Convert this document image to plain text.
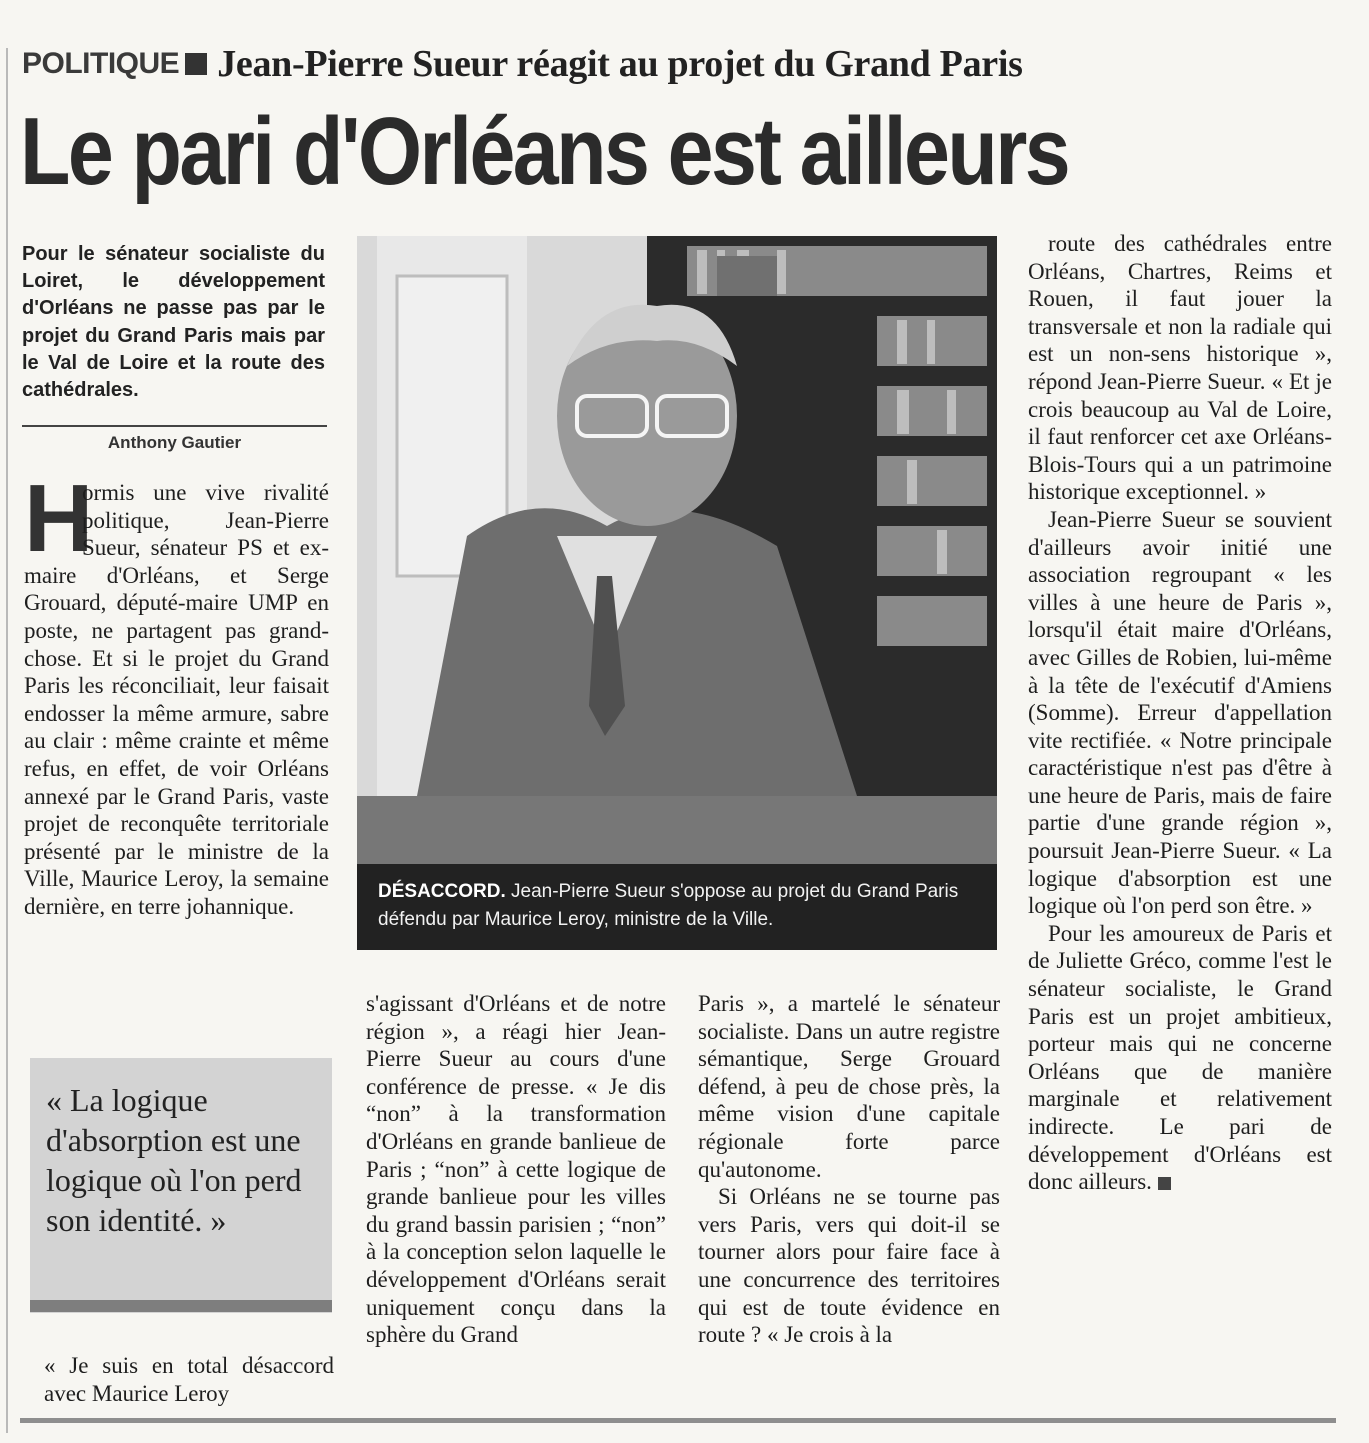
POLITIQUE Jean-Pierre Sueur réagit au projet du Grand Paris
Le pari d'Orléans est ailleurs

Pour le sénateur socialiste du Loiret, le développement d'Orléans ne passe pas par le projet du Grand Paris mais par le Val de Loire et la route des cathédrales.

Anthony Gautier
H

ormis une vive rivalité politique, Jean-Pierre Sueur, sénateur PS et ex-maire d'Orléans, et Serge Grouard, député-maire UMP en poste, ne partagent pas grand-chose. Et si le projet du Grand Paris les réconciliait, leur faisait endosser la même armure, sabre au clair : même crainte et même refus, en effet, de voir Orléans annexé par le Grand Paris, vaste projet de reconquête territoriale présenté par le ministre de la Ville, Maurice Leroy, la semaine dernière, en terre johannique.

« La logique d'absorption est une logique où l'on perd son identité. »

« Je suis en total désaccord avec Maurice Leroy

DÉSACCORD. Jean-Pierre Sueur s'oppose au projet du Grand Paris défendu par Maurice Leroy, ministre de la Ville.

s'agissant d'Orléans et de notre région », a réagi hier Jean-Pierre Sueur au cours d'une conférence de presse. « Je dis “non” à la transformation d'Orléans en grande banlieue de Paris ; “non” à cette logique de grande banlieue pour les villes du grand bassin parisien ; “non” à la conception selon laquelle le développement d'Orléans serait uniquement conçu dans la sphère du Grand

Paris », a martelé le sénateur socialiste. Dans un autre registre sémantique, Serge Grouard défend, à peu de chose près, la même vision d'une capitale régionale forte parce qu'autonome.

Si Orléans ne se tourne pas vers Paris, vers qui doit-il se tourner alors pour faire face à une concurrence des territoires qui est de toute évidence en route ? « Je crois à la

route des cathédrales entre Orléans, Chartres, Reims et Rouen, il faut jouer la transversale et non la radiale qui est un non-sens historique », répond Jean-Pierre Sueur. « Et je crois beaucoup au Val de Loire, il faut renforcer cet axe Orléans-Blois-Tours qui a un patrimoine historique exceptionnel. »

Jean-Pierre Sueur se souvient d'ailleurs avoir initié une association regroupant « les villes à une heure de Paris », lorsqu'il était maire d'Orléans, avec Gilles de Robien, lui-même à la tête de l'exécutif d'Amiens (Somme). Erreur d'appellation vite rectifiée. « Notre principale caractéristique n'est pas d'être à une heure de Paris, mais de faire partie d'une grande région », poursuit Jean-Pierre Sueur. « La logique d'absorption est une logique où l'on perd son être. »

Pour les amoureux de Paris et de Juliette Gréco, comme l'est le sénateur socialiste, le Grand Paris est un projet ambitieux, porteur mais qui ne concerne Orléans que de manière marginale et relativement indirecte. Le pari de développement d'Orléans est donc ailleurs.
